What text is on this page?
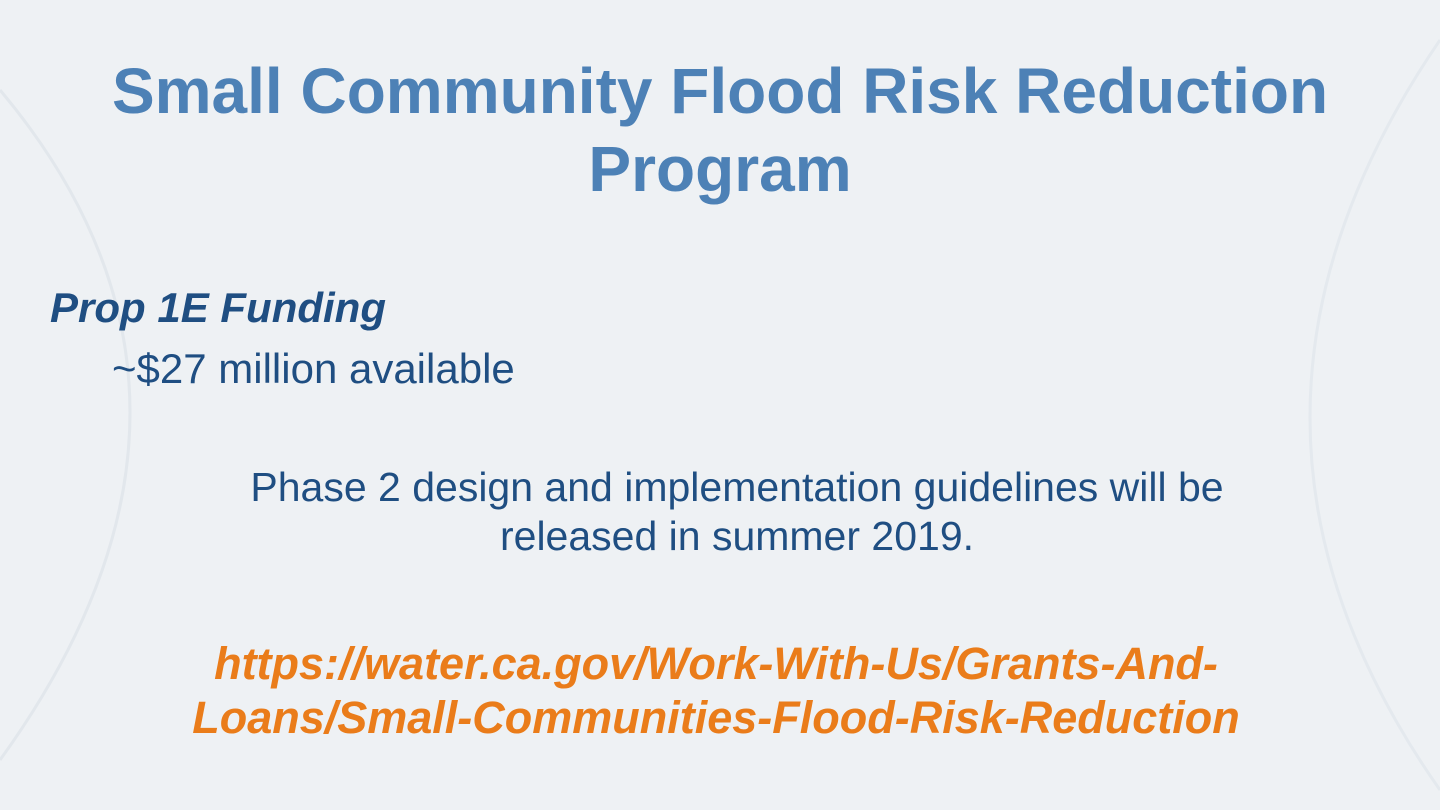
Small Community Flood Risk Reduction
Program
Prop 1E Funding

~$27 million available

Phase 2 design and implementation guidelines will be
released in summer 2019.

https://water.ca.gov/Work-With-Us/Grants-And-
Loans/Small-Communities-Flood-Risk-Reduction
